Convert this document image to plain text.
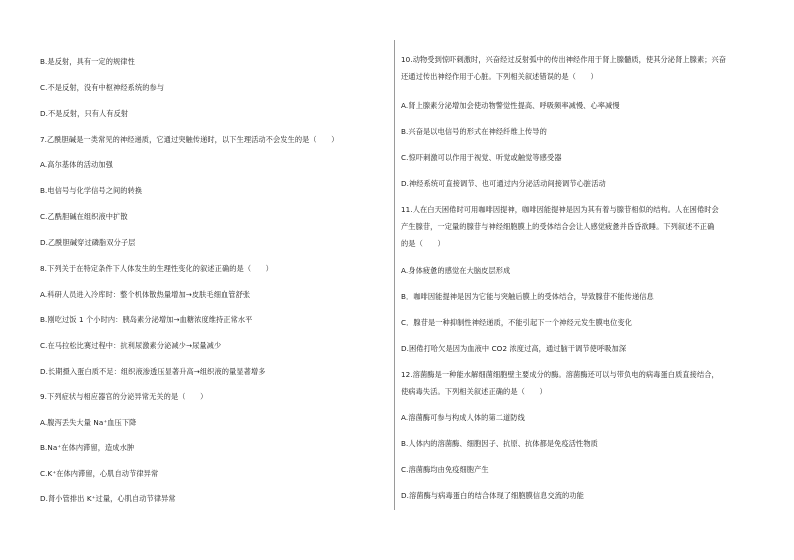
B.是反射，具有一定的规律性
C.不是反射，没有中枢神经系统的参与
D.不是反射，只有人有反射
7.乙酰胆碱是一类常见的神经递质，它通过突触传递时，以下生理活动不会发生的是（　　）
A.高尔基体的活动加强
B.电信号与化学信号之间的转换
C.乙酰胆碱在组织液中扩散
D.乙酰胆碱穿过磷脂双分子层
8.下列关于在特定条件下人体发生的生理性变化的叙述正确的是（　　）
A.科研人员进入冷库时：整个机体散热量增加→皮肤毛细血管舒张
B.刚吃过饭 1 个小时内：胰岛素分泌增加→血糖浓度维持正常水平
C.在马拉松比赛过程中：抗利尿激素分泌减少→尿量减少
D.长期摄入蛋白质不足：组织液渗透压显著升高→组织液的量显著增多
9.下列症状与相应器官的分泌异常无关的是（　　）
A.腹泻丢失大量 Na⁺血压下降
B.Na⁺在体内滞留，造成水肿
C.K⁺在体内滞留，心肌自动节律异常
D.肾小管排出 K⁺过量，心肌自动节律异常
10.动物受到惊吓刺激时，兴奋经过反射弧中的传出神经作用于肾上腺髓质，使其分泌肾上腺素；兴奋
还通过传出神经作用于心脏。下列相关叙述错误的是（　　）
A.肾上腺素分泌增加会使动物警觉性提高、呼吸频率减慢、心率减慢
B.兴奋是以电信号的形式在神经纤维上传导的
C.惊吓刺激可以作用于视觉、听觉或触觉等感受器
D.神经系统可直接调节、也可通过内分泌活动间接调节心脏活动
11.人在白天困倦时可用咖啡因提神，咖啡因能提神是因为其有着与腺苷相似的结构。人在困倦时会
产生腺苷，一定量的腺苷与神经细胞膜上的受体结合会让人感觉疲惫并昏昏欲睡。下列叙述不正确
的是（　　）
A.身体疲惫的感觉在大脑皮层形成
B．咖啡因能提神是因为它能与突触后膜上的受体结合，导致腺苷不能传递信息
C．腺苷是一种抑制性神经递质，不能引起下一个神经元发生膜电位变化
D.困倦打哈欠是因为血液中 CO2 浓度过高，通过脑干调节使呼吸加深
12.溶菌酶是一种能水解细菌细胞壁主要成分的酶。溶菌酶还可以与带负电的病毒蛋白质直接结合，
使病毒失活。下列相关叙述正确的是（　　）
A.溶菌酶可参与构成人体的第二道防线
B.人体内的溶菌酶、细胞因子、抗原、抗体都是免疫活性物质
C.溶菌酶均由免疫细胞产生
D.溶菌酶与病毒蛋白的结合体现了细胞膜信息交流的功能
